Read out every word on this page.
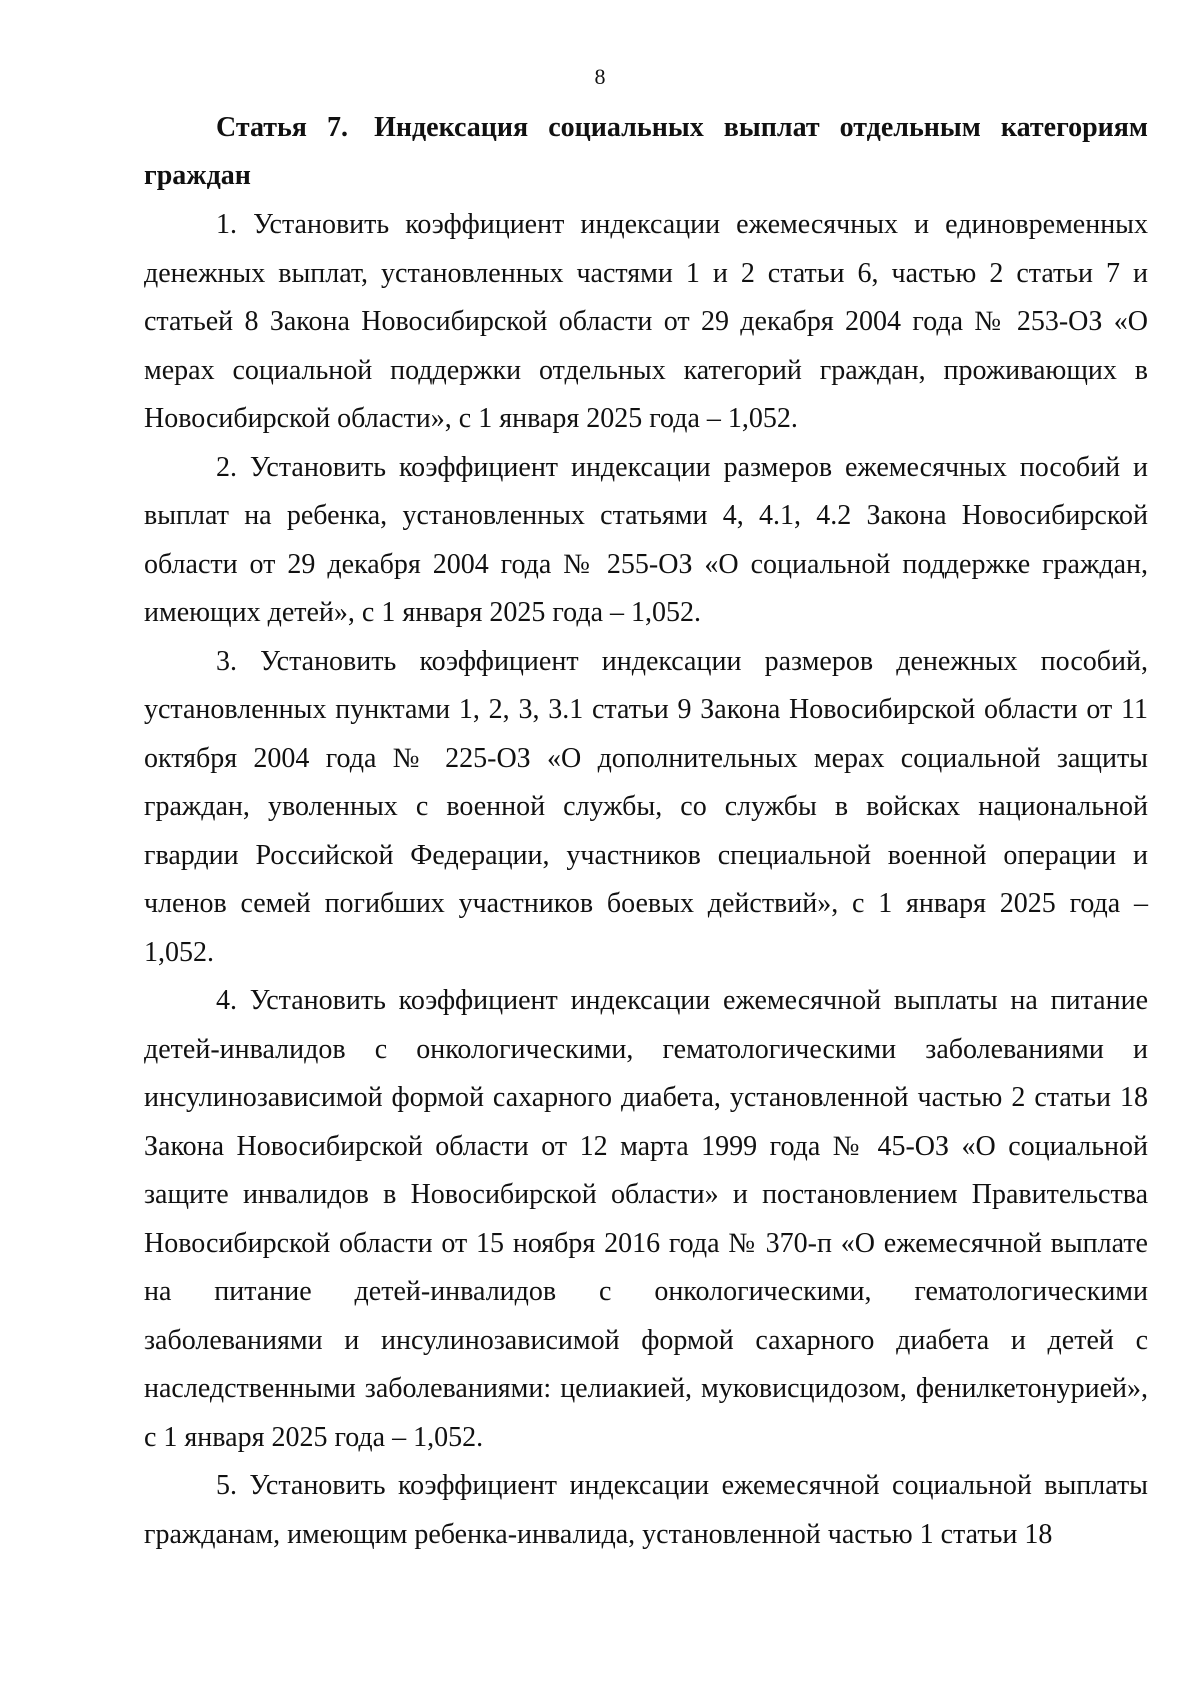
8

Статья 7. Индексация социальных выплат отдельным категориям граждан

1. Установить коэффициент индексации ежемесячных и единовременных денежных выплат, установленных частями 1 и 2 статьи 6, частью 2 статьи 7 и статьей 8 Закона Новосибирской области от 29 декабря 2004 года № 253-ОЗ «О мерах социальной поддержки отдельных категорий граждан, проживающих в Новосибирской области», с 1 января 2025 года – 1,052.

2. Установить коэффициент индексации размеров ежемесячных пособий и выплат на ребенка, установленных статьями 4, 4.1, 4.2 Закона Новосибирской области от 29 декабря 2004 года № 255-ОЗ «О социальной поддержке граждан, имеющих детей», с 1 января 2025 года – 1,052.

3. Установить коэффициент индексации размеров денежных пособий, установленных пунктами 1, 2, 3, 3.1 статьи 9 Закона Новосибирской области от 11 октября 2004 года № 225-ОЗ «О дополнительных мерах социальной защиты граждан, уволенных с военной службы, со службы в войсках национальной гвардии Российской Федерации, участников специальной военной операции и членов семей погибших участников боевых действий», с 1 января 2025 года – 1,052.

4. Установить коэффициент индексации ежемесячной выплаты на питание детей-инвалидов с онкологическими, гематологическими заболеваниями и инсулинозависимой формой сахарного диабета, установленной частью 2 статьи 18 Закона Новосибирской области от 12 марта 1999 года № 45-ОЗ «О социальной защите инвалидов в Новосибирской области» и постановлением Правительства Новосибирской области от 15 ноября 2016 года № 370-п «О ежемесячной выплате на питание детей-инвалидов с онкологическими, гематологическими заболеваниями и инсулинозависимой формой сахарного диабета и детей с наследственными заболеваниями: целиакией, муковисцидозом, фенилкетонурией», с 1 января 2025 года – 1,052.

5. Установить коэффициент индексации ежемесячной социальной выплаты гражданам, имеющим ребенка-инвалида, установленной частью 1 статьи 18
